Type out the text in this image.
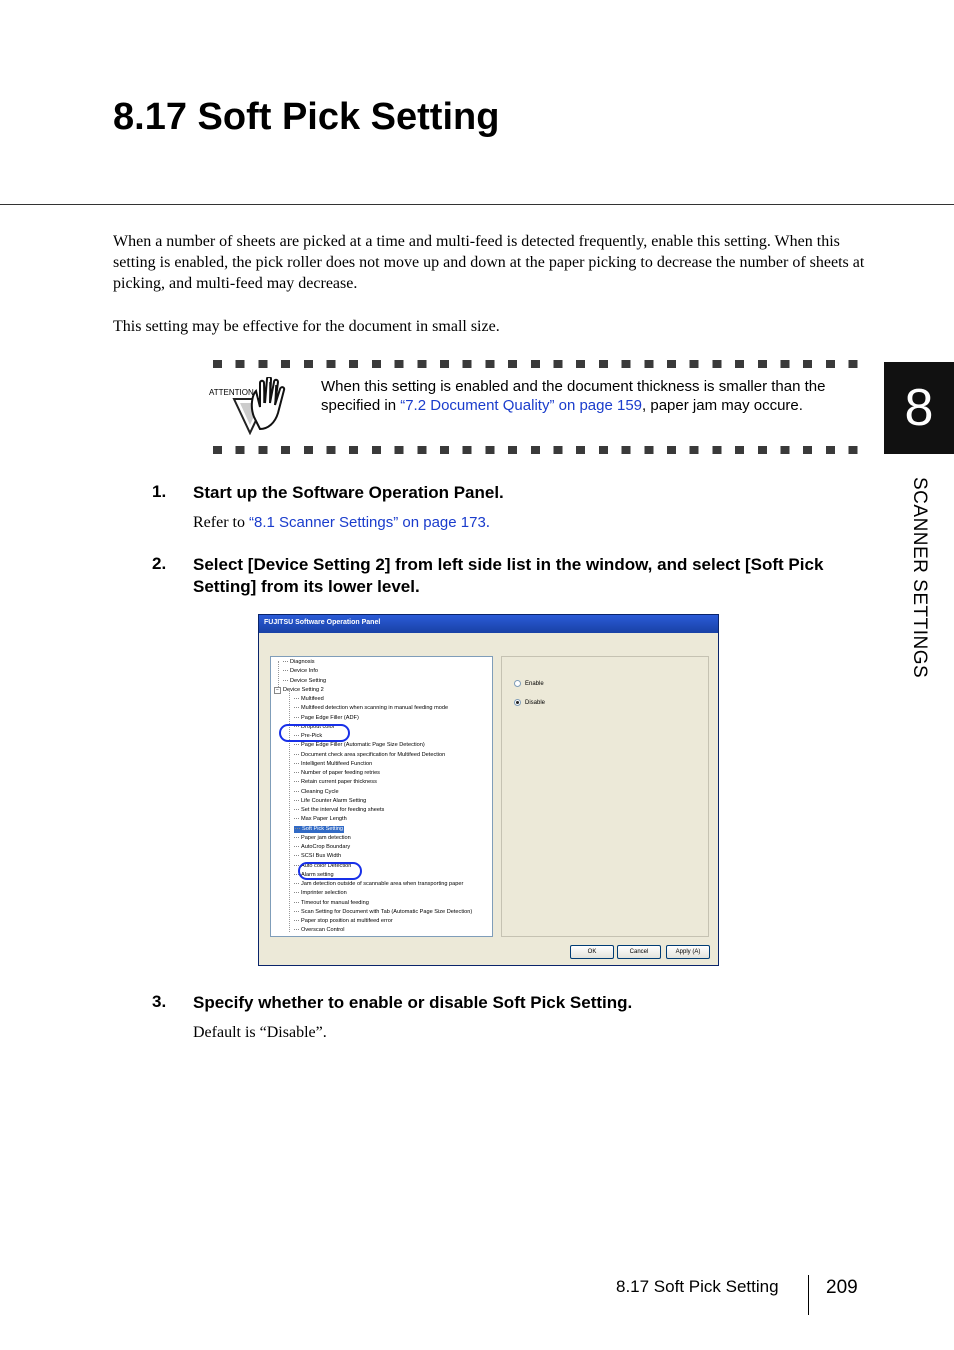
8.17 Soft Pick Setting

When a number of sheets are picked at a time and multi-feed is detected frequently, enable this setting. When this setting is enabled, the pick roller does not move up and down at the paper picking to decrease the number of sheets at picking, and multi-feed may decrease.

This setting may be effective for the document in small size.

ATTENTION	When this setting is enabled and the document thickness is smaller than the specified in “7.2 Document Quality” on page 159, paper jam may occure.

1. Start up the Software Operation Panel.

Refer to “8.1 Scanner Settings” on page 173.

2. Select [Device Setting 2] from left side list in the window, and select [Soft Pick Setting] from its lower level.

FUJITSU Software Operation Panel
Diagnosis
Device Info
Device Setting
− Device Setting 2
Multifeed
Multifeed detection when scanning in manual feeding mode
Page Edge Filler (ADF)
Dropout color
Pre-Pick
Page Edge Filler (Automatic Page Size Detection)
Document check area specification for Multifeed Detection
Intelligent Multifeed Function
Number of paper feeding retries
Retain current paper thickness
Cleaning Cycle
Life Counter Alarm Setting
Set the interval for feeding sheets
Max Paper Length
Soft Pick Setting
Paper jam detection
AutoCrop Boundary
SCSI Bus Width
Auto color Detection
Alarm setting
Jam detection outside of scannable area when transporting paper
Imprinter selection
Timeout for manual feeding
Scan Setting for Document with Tab (Automatic Page Size Detection)
Paper stop position at multifeed error
Overscan Control
Enable
Disable
OK	Cancel	Apply (A)
3. Specify whether to enable or disable Soft Pick Setting.

Default is “Disable”.

8
SCANNER SETTINGS
8.17 Soft Pick Setting 209
